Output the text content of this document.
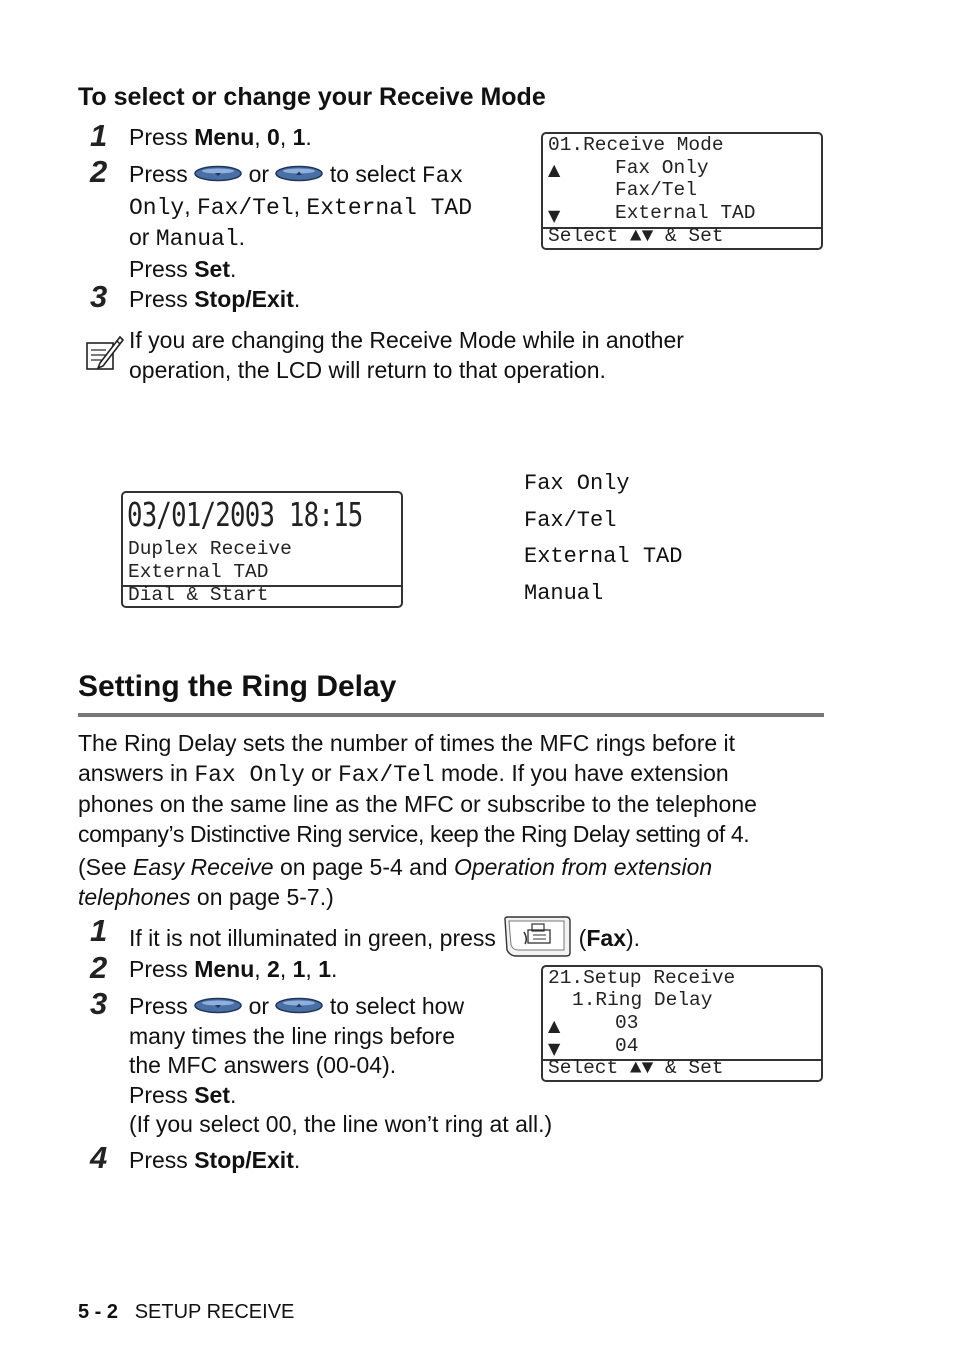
To select or change your Receive Mode
1 Press Menu, 0, 1.
2 Press	or	to select Fax
Only, Fax/Tel, External TAD
or Manual.
Press Set.
3 Press Stop/Exit.
01.Receive Mode
▲	Fax Only
Fax/Tel
▼	External TAD
Select ▲▼ & Set
If you are changing the Receive Mode while in another
operation, the LCD will return to that operation.
03/01/2003 18:15
Duplex Receive
External TAD
Dial & Start
Fax Only
Fax/Tel
External TAD
Manual
Setting the Ring Delay
The Ring Delay sets the number of times the MFC rings before it
answers in Fax Only or Fax/Tel mode. If you have extension
phones on the same line as the MFC or subscribe to the telephone
company’s Distinctive Ring service, keep the Ring Delay setting of 4.
(See Easy Receive on page 5-4 and Operation from extension
telephones on page 5-7.)
1 If it is not illuminated in green, press	(Fax).
2 Press Menu, 2, 1, 1.
3 Press	or	to select how
many times the line rings before
the MFC answers (00-04).
Press Set.
(If you select 00, the line won’t ring at all.)
4 Press Stop/Exit.
21.Setup Receive
1.Ring Delay
▲	03
▼	04
Select ▲▼ & Set
5 - 2 SETUP RECEIVE
